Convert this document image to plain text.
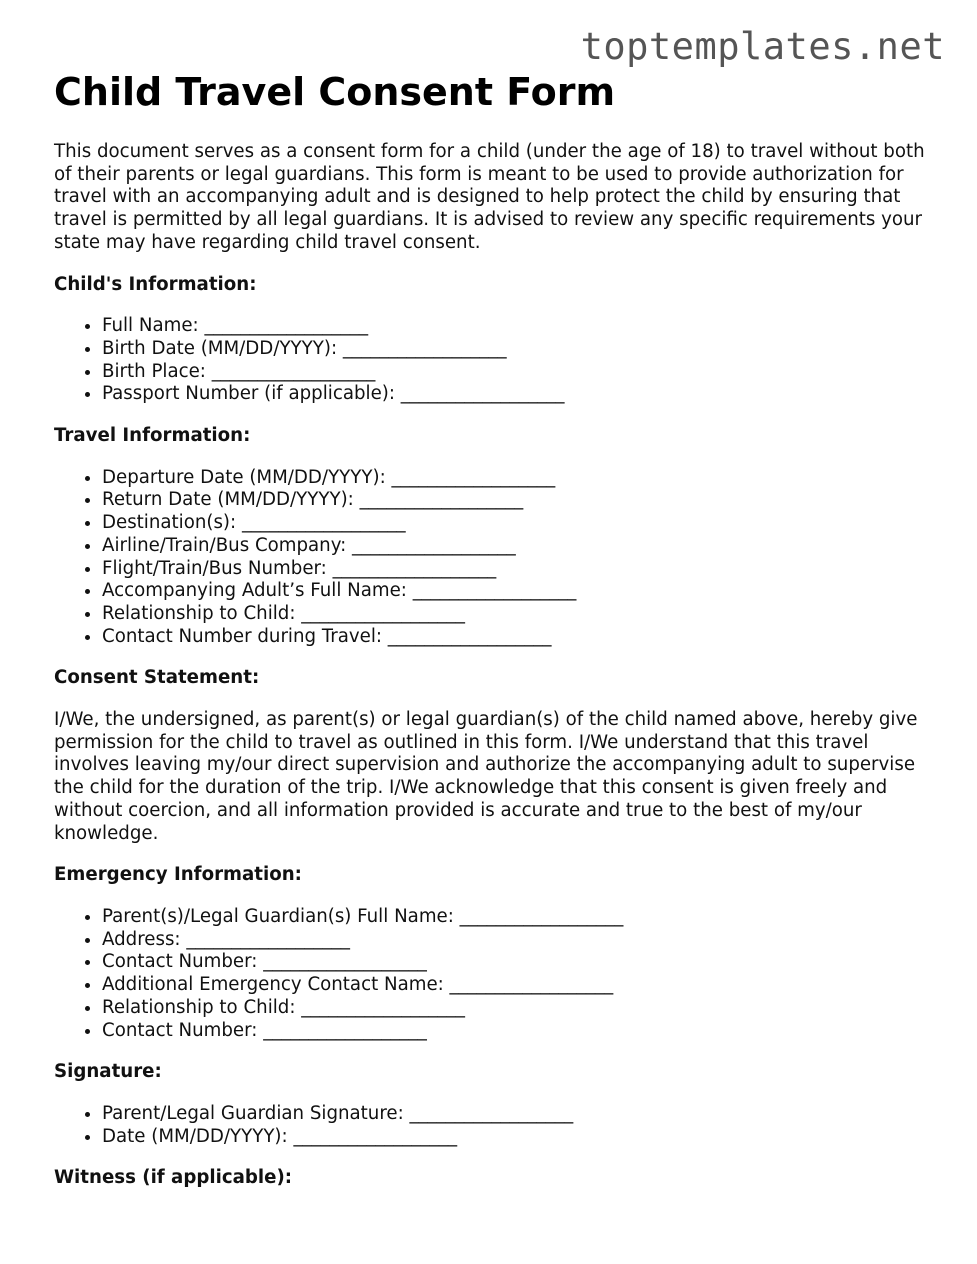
toptemplates.net
Child Travel Consent Form

This document serves as a consent form for a child (under the age of 18) to travel without both of their parents or legal guardians. This form is meant to be used to provide authorization for travel with an accompanying adult and is designed to help protect the child by ensuring that travel is permitted by all legal guardians. It is advised to review any specific requirements your state may have regarding child travel consent.

Child's Information:
• Full Name: __________________
• Birth Date (MM/DD/YYYY): __________________
• Birth Place: __________________
• Passport Number (if applicable): __________________
Travel Information:
• Departure Date (MM/DD/YYYY): __________________
• Return Date (MM/DD/YYYY): __________________
• Destination(s): __________________
• Airline/Train/Bus Company: __________________
• Flight/Train/Bus Number: __________________
• Accompanying Adult’s Full Name: __________________
• Relationship to Child: __________________
• Contact Number during Travel: __________________
Consent Statement:

I/We, the undersigned, as parent(s) or legal guardian(s) of the child named above, hereby give permission for the child to travel as outlined in this form. I/We understand that this travel involves leaving my/our direct supervision and authorize the accompanying adult to supervise the child for the duration of the trip. I/We acknowledge that this consent is given freely and without coercion, and all information provided is accurate and true to the best of my/our knowledge.

Emergency Information:
• Parent(s)/Legal Guardian(s) Full Name: __________________
• Address: __________________
• Contact Number: __________________
• Additional Emergency Contact Name: __________________
• Relationship to Child: __________________
• Contact Number: __________________
Signature:
• Parent/Legal Guardian Signature: __________________
• Date (MM/DD/YYYY): __________________
Witness (if applicable):
